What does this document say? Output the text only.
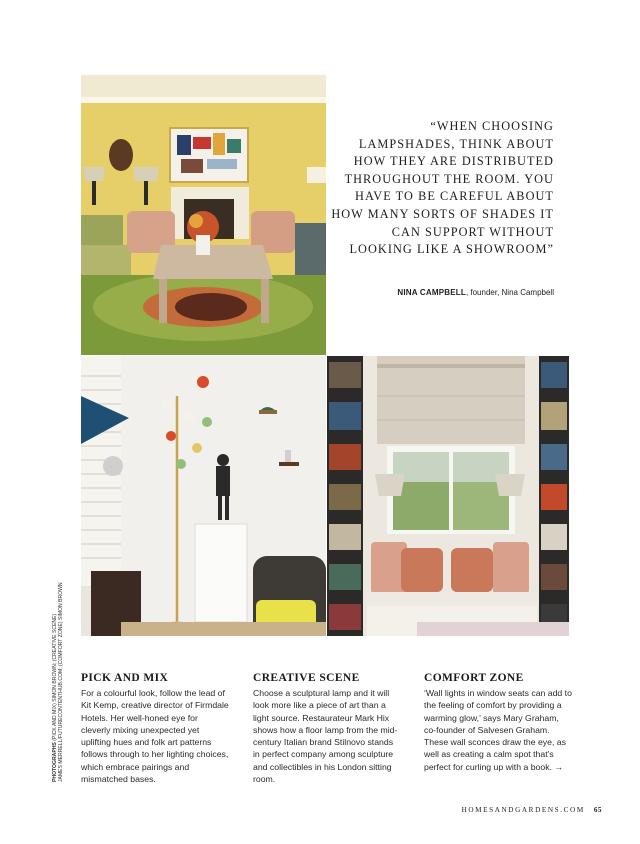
“WHEN CHOOSING LAMPSHADES, THINK ABOUT HOW THEY ARE DISTRIBUTED THROUGHOUT THE ROOM. YOU HAVE TO BE CAREFUL ABOUT HOW MANY SORTS OF SHADES IT CAN SUPPORT WITHOUT LOOKING LIKE A SHOWROOM”
NINA CAMPBELL, founder, Nina Campbell
PHOTOGRAPHS (PICK AND MIX) SIMON BROWN; (CREATIVE SCENE) JAMES MERRELL/FUTURECONTENTHUB.COM; (COMFORT ZONE) SIMON BROWN PICK AND MIX

For a colourful look, follow the lead of Kit Kemp, creative director of Firmdale Hotels. Her well-honed eye for cleverly mixing unexpected yet uplifting hues and folk art patterns follows through to her lighting choices, which embrace pairings and mismatched bases.

CREATIVE SCENE

Choose a sculptural lamp and it will look more like a piece of art than a light source. Restaurateur Mark Hix shows how a floor lamp from the mid-century Italian brand Stilnovo stands in perfect company among sculpture and collectibles in his London sitting room.

COMFORT ZONE

‘Wall lights in window seats can add to the feeling of comfort by providing a warming glow,’ says Mary Graham, co-founder of Salvesen Graham. These wall sconces draw the eye, as well as creating a calm spot that’s perfect for curling up with a book. →

HOMESANDGARDENS.COM 65
